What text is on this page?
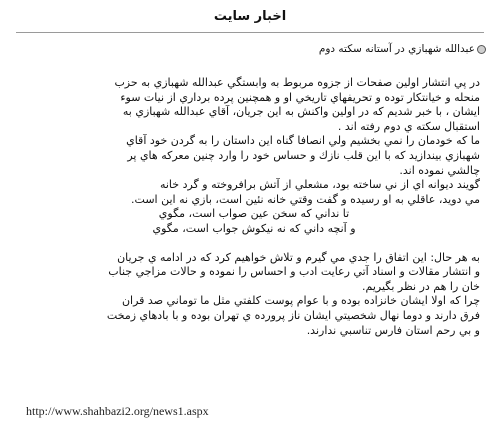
اخبار سایت
عبدالله شهبازي در آستانه سكته دوم

در پي انتشار اولين صفحات از جزوه مربوط به وابستگي عبدالله شهبازي به حزب
منحله و خيانتكار توده و تحريفهاي تاريخي او و همچنين پرده برداري از نيات سوء
ايشان ، با خبر شديم كه در اولين واكنش به اين جريان، آقاي عبدالله شهبازي به
استقبال سكته ي دوم رفته اند .

ما كه خودمان را نمي بخشيم ولي انصافا گناه اين داستان را به گردن خود آقاي
شهبازي بيندازيد كه با اين قلب نازك و حساس خود را وارد چنين معركه هاي پر
چالشي نموده اند.

گويند ديوانه اي از ني ساخته بود، مشعلي از آتش برافروخته و گرد خانه
مي دويد، عاقلي به او رسيده و گفت وقتي خانه نئين است، بازي نه اين است.
تا نداني كه سخن عين صواب است، مگوي
و آنچه داني كه نه نيكوش جواب است، مگوي

به هر حال: اين اتفاق را جدي مي گيرم و تلاش خواهيم كرد كه در ادامه ي جريان
و انتشار مقالات و اسناد آتي رعايت ادب و احساس را نموده و حالات مزاجي جناب
خان را هم در نظر بگيريم.

چرا كه اولا ايشان خانزاده بوده و با عوام پوست كلفتي مثل ما توماني صد قران
فرق دارند و دوما نهال شخصيتي ايشان ناز پرورده ي تهران بوده و با بادهاي زمخت
و بي رحم استان فارس تناسبي ندارند.

http://www.shahbazi2.org/news1.aspx
